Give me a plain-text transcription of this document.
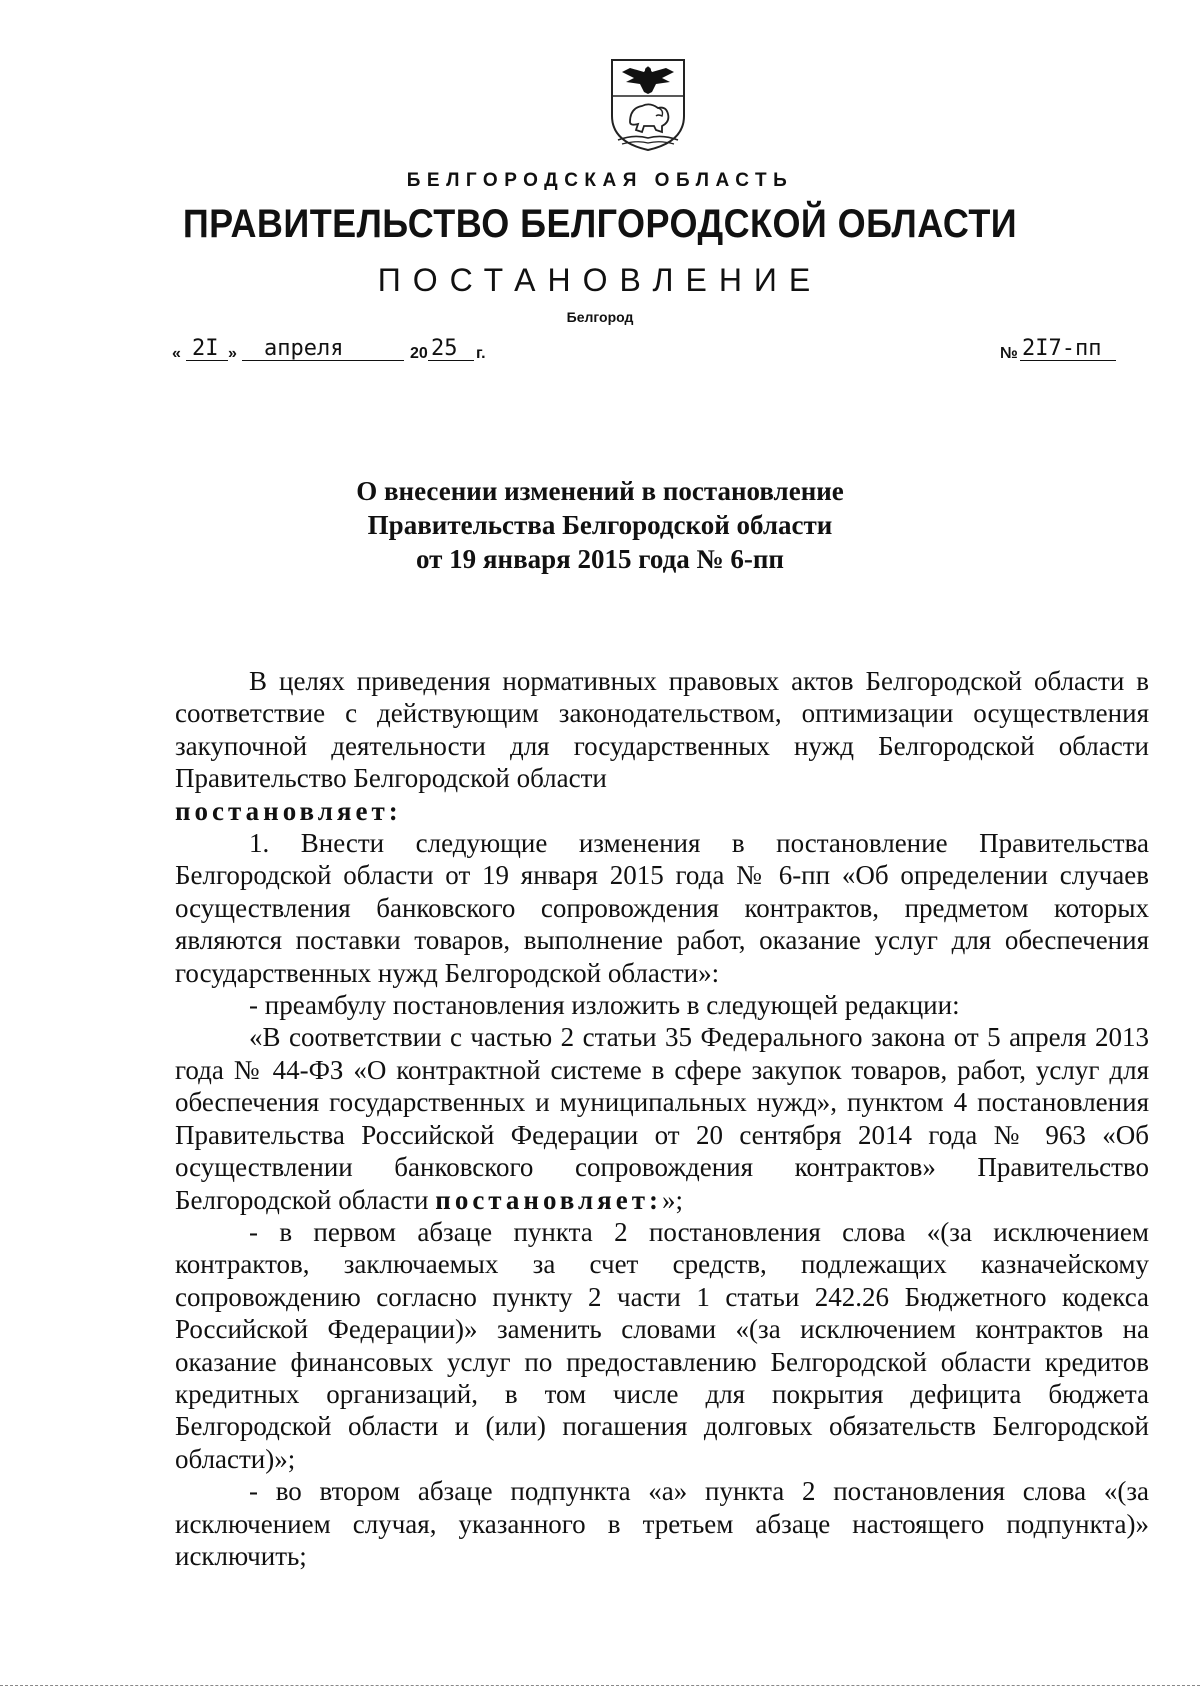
БЕЛГОРОДСКАЯ ОБЛАСТЬ
ПРАВИТЕЛЬСТВО БЕЛГОРОДСКОЙ ОБЛАСТИ
ПОСТАНОВЛЕНИЕ
Белгород
« 2I » апреля	20 25 г.	№ 2I7-пп
О внесении изменений в постановление
Правительства Белгородской области
от 19 января 2015 года № 6-пп

В целях приведения нормативных правовых актов Белгородской области в соответствие с действующим законодательством, оптимизации осуществления закупочной деятельности для государственных нужд Белгородской области Правительство Белгородской области
постановляет:

1. Внести следующие изменения в постановление Правительства Белгородской области от 19 января 2015 года № 6-пп «Об определении случаев осуществления банковского сопровождения контрактов, предметом которых являются поставки товаров, выполнение работ, оказание услуг для обеспечения государственных нужд Белгородской области»:

- преамбулу постановления изложить в следующей редакции:

«В соответствии с частью 2 статьи 35 Федерального закона от 5 апреля 2013 года № 44-ФЗ «О контрактной системе в сфере закупок товаров, работ, услуг для обеспечения государственных и муниципальных нужд», пунктом 4 постановления Правительства Российской Федерации от 20 сентября 2014 года № 963 «Об осуществлении банковского сопровождения контрактов» Правительство Белгородской области постановляет:»;

- в первом абзаце пункта 2 постановления слова «(за исключением контрактов, заключаемых за счет средств, подлежащих казначейскому сопровождению согласно пункту 2 части 1 статьи 242.26 Бюджетного кодекса Российской Федерации)» заменить словами «(за исключением контрактов на оказание финансовых услуг по предоставлению Белгородской области кредитов кредитных организаций, в том числе для покрытия дефицита бюджета Белгородской области и (или) погашения долговых обязательств Белгородской области)»;

- во втором абзаце подпункта «а» пункта 2 постановления слова «(за исключением случая, указанного в третьем абзаце настоящего подпункта)» исключить;
